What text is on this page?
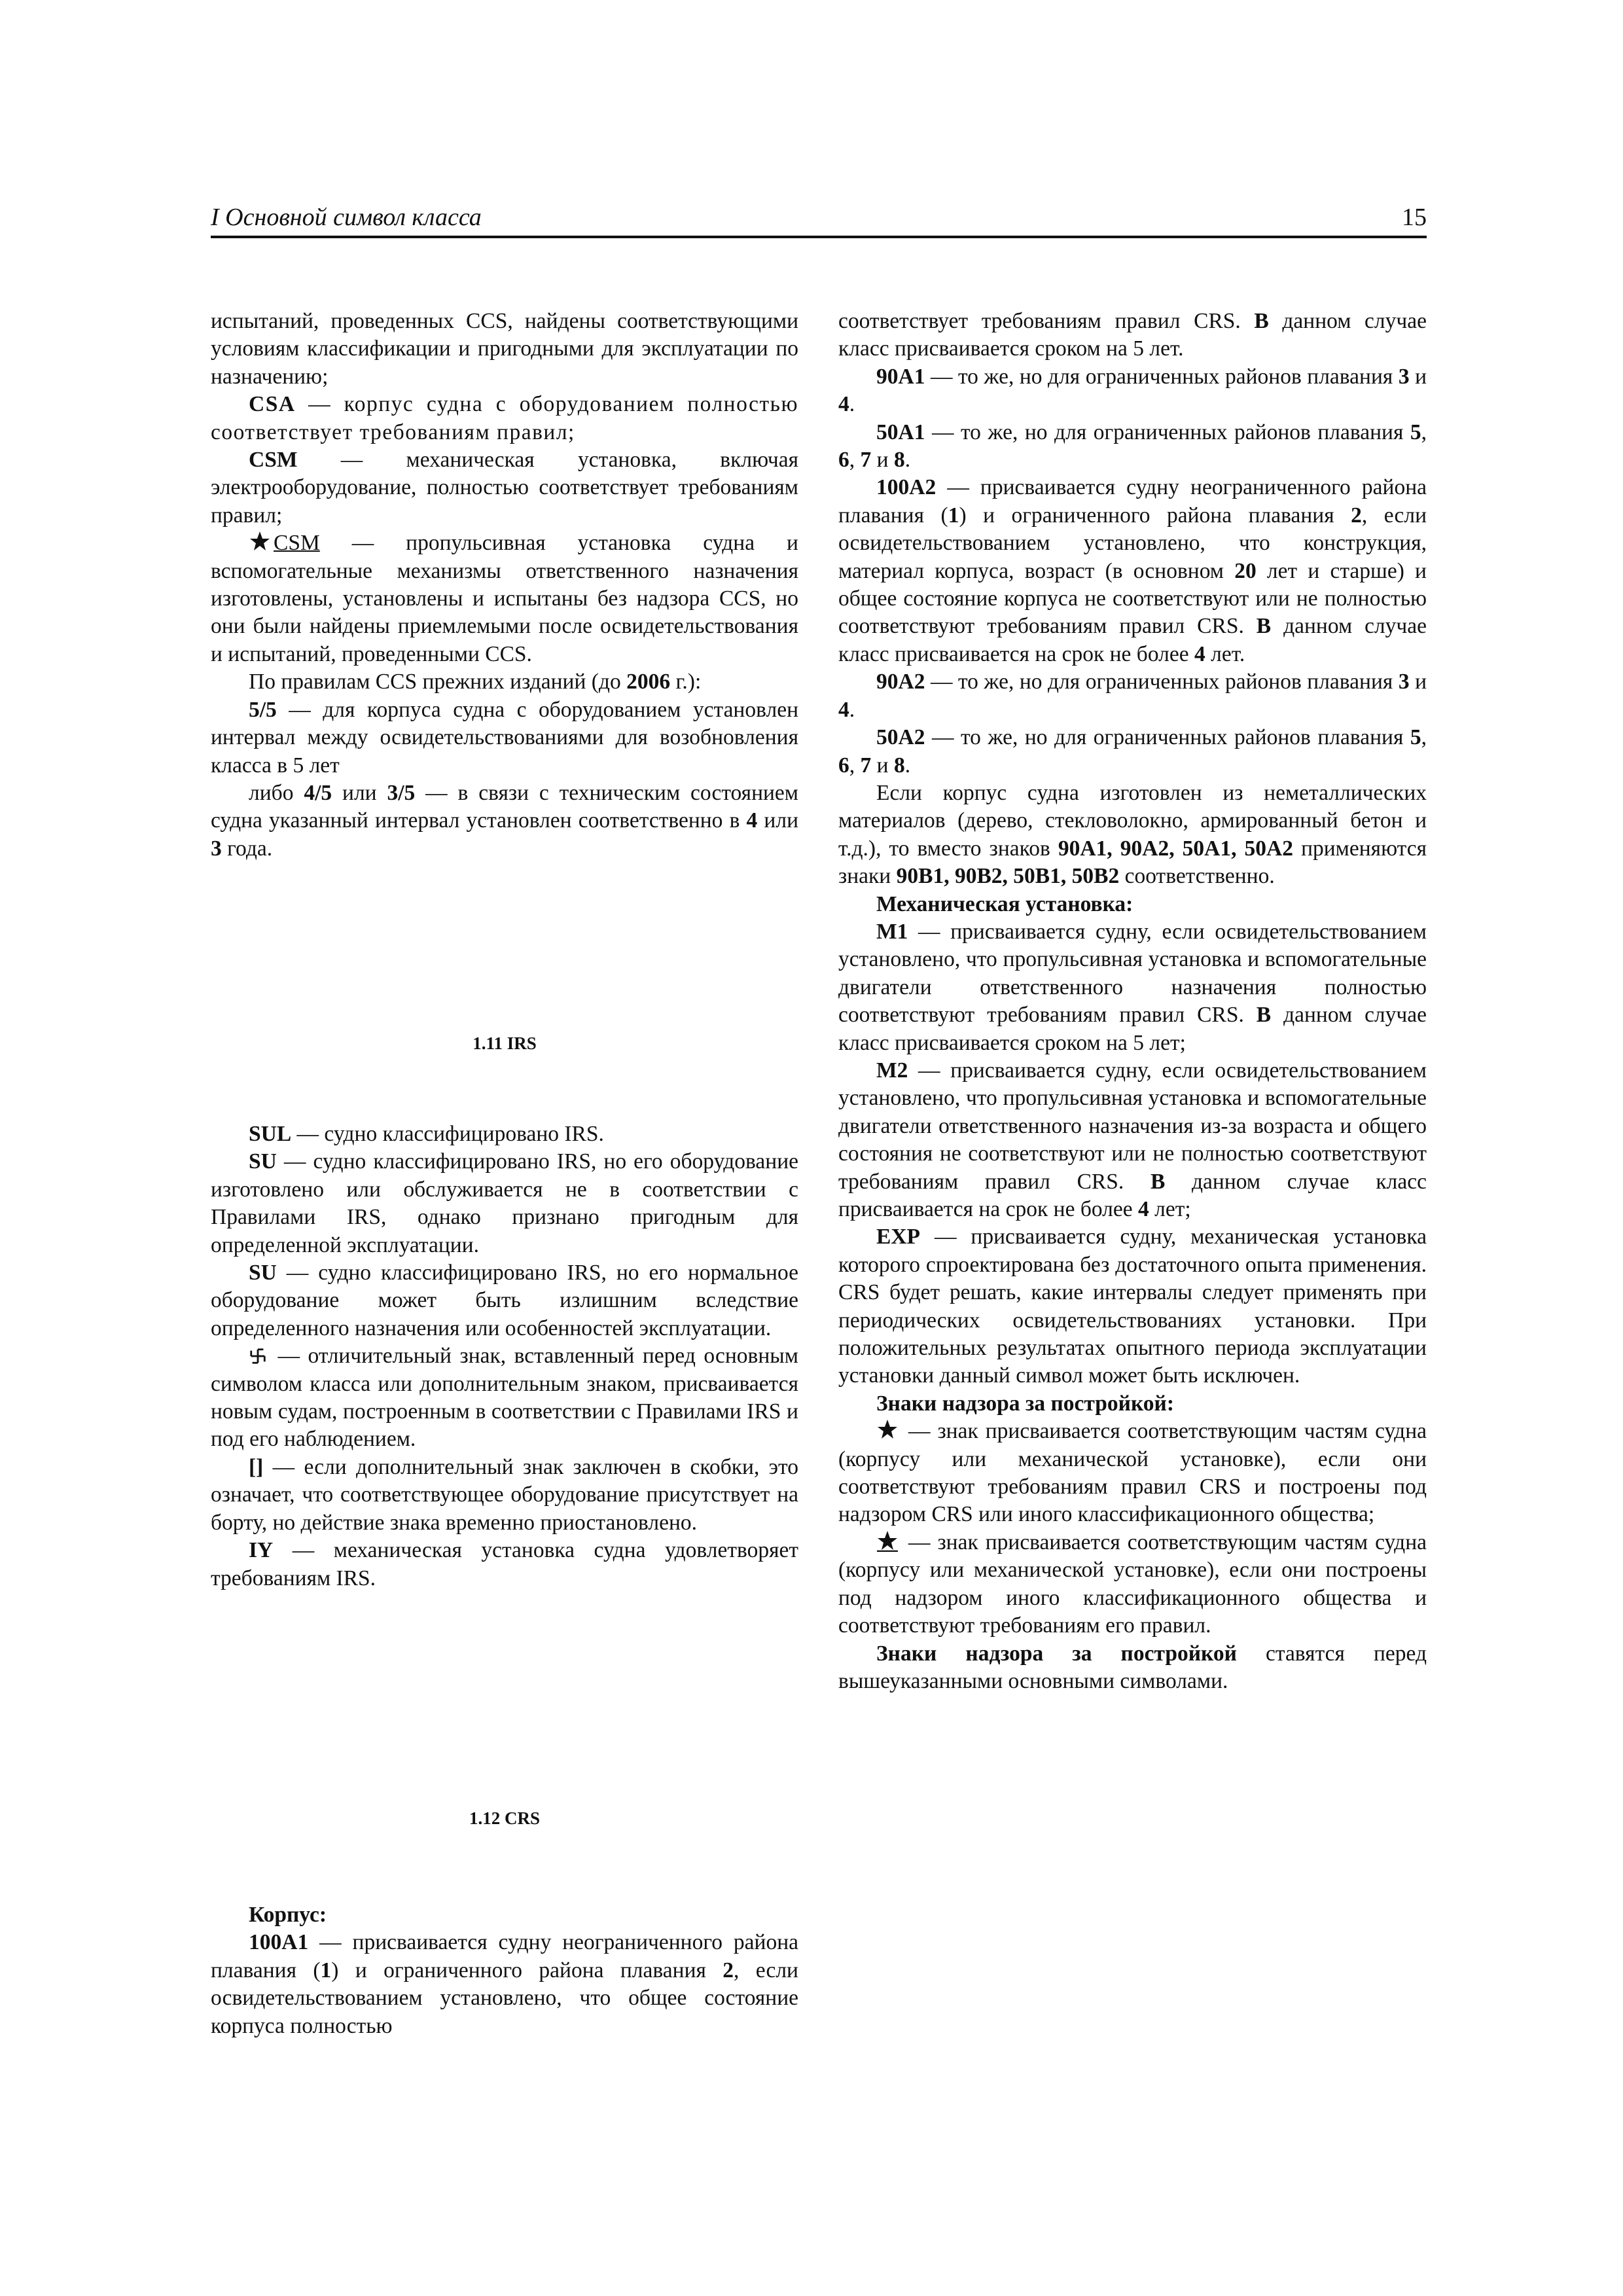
I Основной символ класса	15

испытаний, проведенных CCS, найдены соответствующими условиям классификации и пригодными для эксплуатации по назначению;

CSA — корпус судна с оборудованием полностью соответствует требованиям правил;

CSM — механическая установка, включая электрооборудование, полностью соответствует требованиям правил;

CSM — пропульсивная установка судна и вспомогательные механизмы ответственного назначения изготовлены, установлены и испытаны без надзора CCS, но они были найдены приемлемыми после освидетельствования и испытаний, проведенными CCS.

По правилам CCS прежних изданий (до 2006 г.):

5/5 — для корпуса судна с оборудованием установлен интервал между освидетельствованиями для возобновления класса в 5 лет

либо 4/5 или 3/5 — в связи с техническим состоянием судна указанный интервал установлен соответственно в 4 или 3 года.

1.11 IRS

SUL — судно классифицировано IRS.

SU — судно классифицировано IRS, но его оборудование изготовлено или обслуживается не в соответствии с Правилами IRS, однако признано пригодным для определенной эксплуатации.

SU — судно классифицировано IRS, но его нормальное оборудование может быть излишним вследствие определенного назначения или особенностей эксплуатации.

— отличительный знак, вставленный перед основным символом класса или дополнительным знаком, присваивается новым судам, построенным в соответствии с Правилами IRS и под его наблюдением.

[] — если дополнительный знак заключен в скобки, это означает, что соответствующее оборудование присутствует на борту, но действие знака временно приостановлено.

IY — механическая установка судна удовлетворяет требованиям IRS.

1.12 CRS

Корпус:

100A1 — присваивается судну неограниченного района плавания (1) и ограниченного района плавания 2, если освидетельствованием установлено, что общее состояние корпуса полностью

соответствует требованиям правил CRS. В данном случае класс присваивается сроком на 5 лет.

90A1 — то же, но для ограниченных районов плавания 3 и 4.

50A1 — то же, но для ограниченных районов плавания 5, 6, 7 и 8.

100A2 — присваивается судну неограниченного района плавания (1) и ограниченного района плавания 2, если освидетельствованием установлено, что конструкция, материал корпуса, возраст (в основном 20 лет и старше) и общее состояние корпуса не соответствуют или не полностью соответствуют требованиям правил CRS. В данном случае класс присваивается на срок не более 4 лет.

90A2 — то же, но для ограниченных районов плавания 3 и 4.

50A2 — то же, но для ограниченных районов плавания 5, 6, 7 и 8.

Если корпус судна изготовлен из неметаллических материалов (дерево, стекловолокно, армированный бетон и т.д.), то вместо знаков 90A1, 90A2, 50A1, 50A2 применяются знаки 90B1, 90B2, 50B1, 50B2 соответственно.

Механическая установка:

M1 — присваивается судну, если освидетельствованием установлено, что пропульсивная установка и вспомогательные двигатели ответственного назначения полностью соответствуют требованиям правил CRS. В данном случае класс присваивается сроком на 5 лет;

M2 — присваивается судну, если освидетельствованием установлено, что пропульсивная установка и вспомогательные двигатели ответственного назначения из-за возраста и общего состояния не соответствуют или не полностью соответствуют требованиям правил CRS. В данном случае класс присваивается на срок не более 4 лет;

EXP — присваивается судну, механическая установка которого спроектирована без достаточного опыта применения. CRS будет решать, какие интервалы следует применять при периодических освидетельствованиях установки. При положительных результатах опытного периода эксплуатации установки данный символ может быть исключен.

Знаки надзора за постройкой:

— знак присваивается соответствующим частям судна (корпусу или механической установке), если они соответствуют требованиям правил CRS и построены под надзором CRS или иного классификационного общества;

— знак присваивается соответствующим частям судна (корпусу или механической установке), если они построены под надзором иного классификационного общества и соответствуют требованиям его правил.

Знаки надзора за постройкой ставятся перед вышеуказанными основными символами.
